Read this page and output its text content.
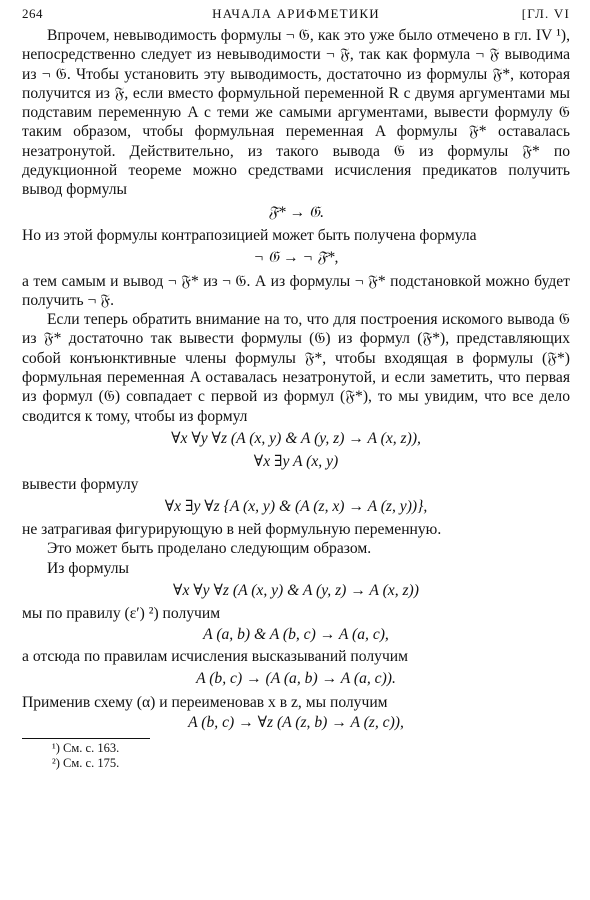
264	НАЧАЛА АРИФМЕТИКИ	[ГЛ. VI

Впрочем, невыводимость формулы ¬ 𝔊, как это уже было отмечено в гл. IV ¹), непосредственно следует из невыводимости ¬ 𝔉, так как формула ¬ 𝔉 выводима из ¬ 𝔊. Чтобы установить эту выводимость, достаточно из формулы 𝔉*, которая получится из 𝔉, если вместо формульной переменной R с двумя аргументами мы подставим переменную A с теми же самыми аргументами, вывести формулу 𝔊 таким образом, чтобы формульная переменная A формулы 𝔉* оставалась незатронутой. Действительно, из такого вывода 𝔊 из формулы 𝔉* по дедукционной теореме можно средствами исчисления предикатов получить вывод формулы

𝔉* → 𝔊.

Но из этой формулы контрапозицией может быть получена формула

¬ 𝔊 → ¬ 𝔉*,

а тем самым и вывод ¬ 𝔉* из ¬ 𝔊. А из формулы ¬ 𝔉* подстановкой можно будет получить ¬ 𝔉.

Если теперь обратить внимание на то, что для построения искомого вывода 𝔊 из 𝔉* достаточно так вывести формулы (𝔊) из формул (𝔉*), представляющих собой конъюнктивные члены формулы 𝔉*, чтобы входящая в формулы (𝔉*) формульная переменная A оставалась незатронутой, и если заметить, что первая из формул (𝔊) совпадает с первой из формул (𝔉*), то мы увидим, что все дело сводится к тому, чтобы из формул

∀x ∀y ∀z (A (x, y) & A (y, z) → A (x, z)),
∀x ∃y A (x, y)

вывести формулу

∀x ∃y ∀z {A (x, y) & (A (z, x) → A (z, y))},

не затрагивая фигурирующую в ней формульную переменную.

Это может быть проделано следующим образом.

Из формулы

∀x ∀y ∀z (A (x, y) & A (y, z) → A (x, z))

мы по правилу (ε′) ²) получим

A (a, b) & A (b, c) → A (a, c),

а отсюда по правилам исчисления высказываний получим

A (b, c) → (A (a, b) → A (a, c)).

Применив схему (α) и переименовав x в z, мы получим

A (b, c) → ∀z (A (z, b) → A (z, c)),
¹) См. с. 163.
²) См. с. 175.
